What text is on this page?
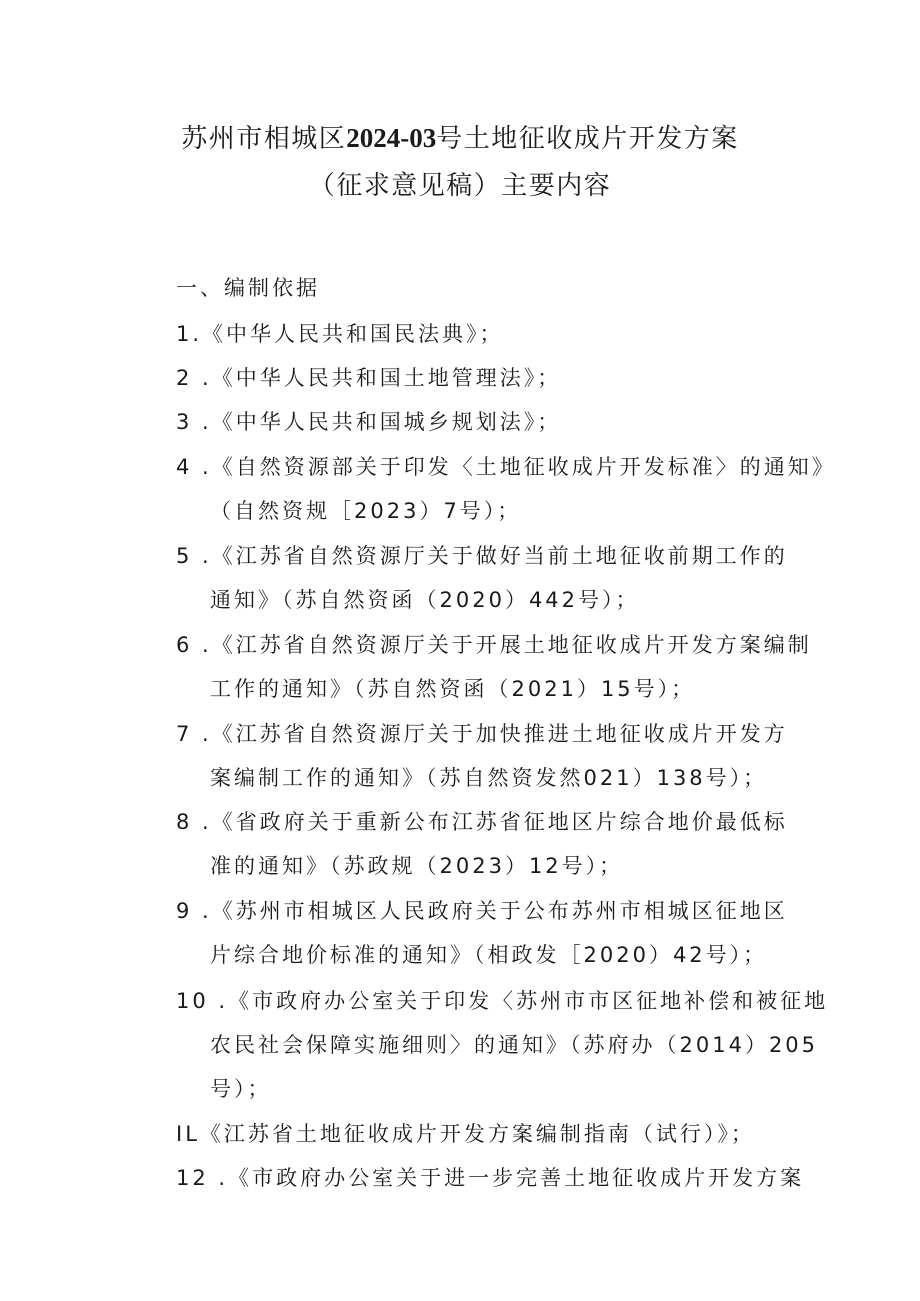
苏州市相城区2024-03号土地征收成片开发方案
（征求意见稿）主要内容
一、编制依据
1.《中华人民共和国民法典》；
2 .《中华人民共和国土地管理法》；
3 .《中华人民共和国城乡规划法》；
4 .《自然资源部关于印发〈土地征收成片开发标准〉的通知》
（自然资规［2023）7号）；
5 .《江苏省自然资源厅关于做好当前土地征收前期工作的
通知》（苏自然资函（2020）442号）；
6 .《江苏省自然资源厅关于开展土地征收成片开发方案编制
工作的通知》（苏自然资函（2021）15号）；
7 .《江苏省自然资源厅关于加快推进土地征收成片开发方
案编制工作的通知》（苏自然资发然021）138号）；
8 .《省政府关于重新公布江苏省征地区片综合地价最低标
准的通知》（苏政规（2023）12号）；
9 .《苏州市相城区人民政府关于公布苏州市相城区征地区
片综合地价标准的通知》（相政发［2020）42号）；
10 .《市政府办公室关于印发〈苏州市市区征地补偿和被征地
农民社会保障实施细则〉的通知》（苏府办（2014）205
号）；
IL《江苏省土地征收成片开发方案编制指南（试行）》；
12 .《市政府办公室关于进一步完善土地征收成片开发方案
